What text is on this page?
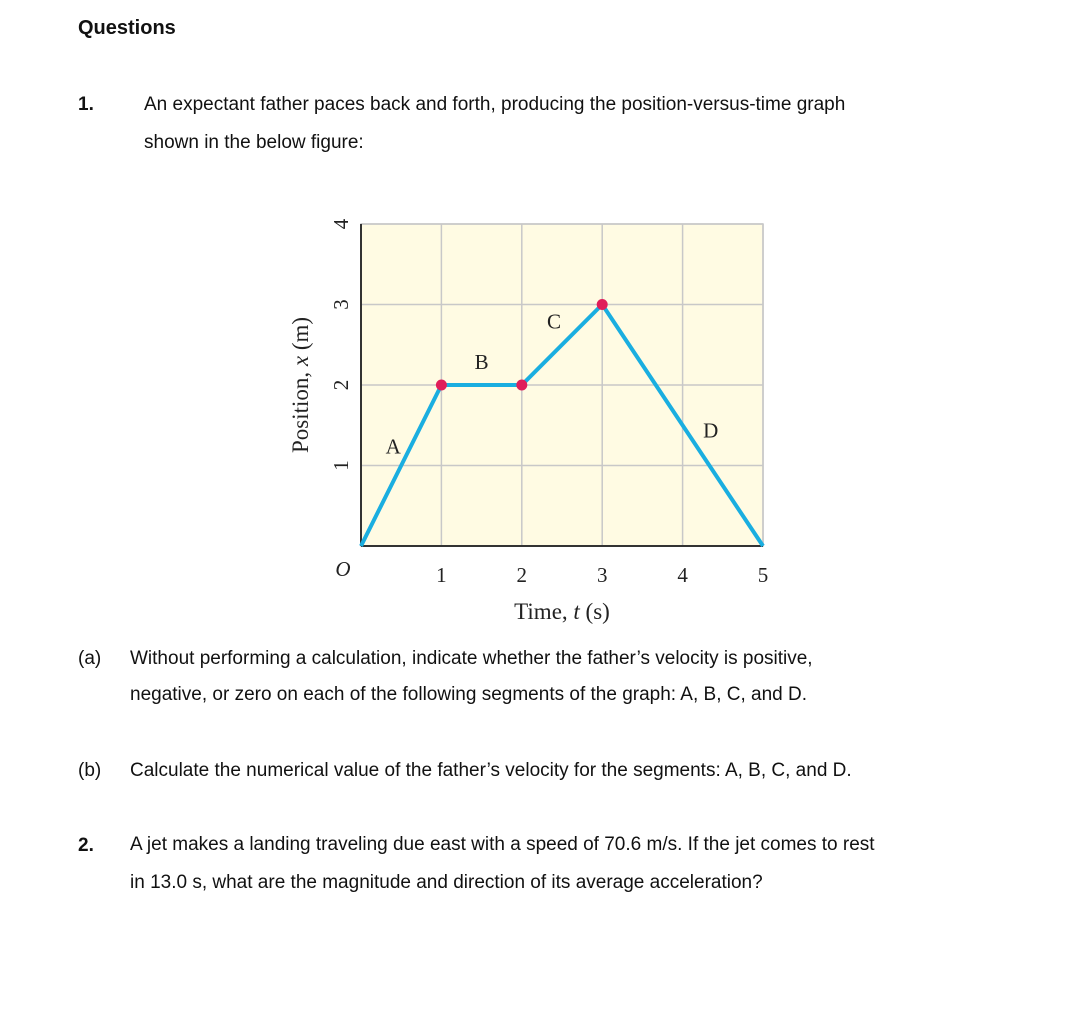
Questions
1.	An expectant father paces back and forth, producing the position-versus-time graph
shown in the below figure:
A
B
C
D
1	2	3	4	5
1
2
3
4
O
Time, t (s)
Position, x (m)
(a) Without performing a calculation, indicate whether the father’s velocity is positive,
negative, or zero on each of the following segments of the graph: A, B, C, and D.
(b) Calculate the numerical value of the father’s velocity for the segments: A, B, C, and D.
2. A jet makes a landing traveling due east with a speed of 70.6 m/s. If the jet comes to rest
in 13.0 s, what are the magnitude and direction of its average acceleration?
